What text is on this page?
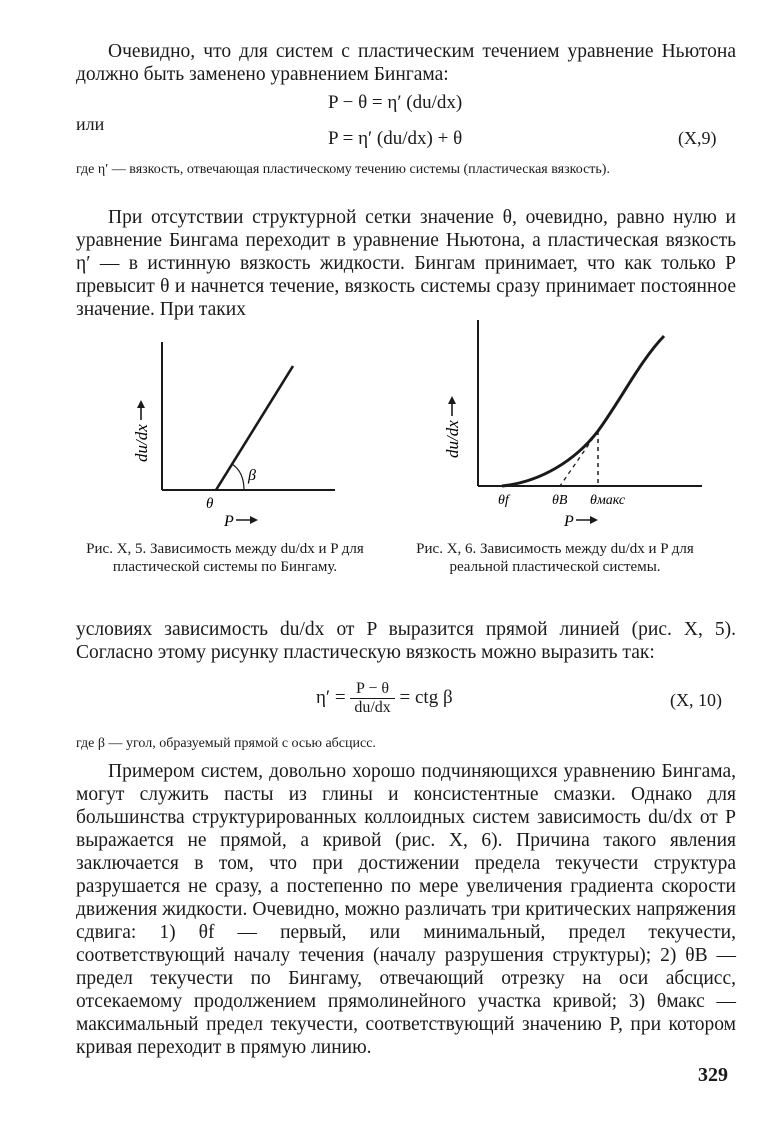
Очевидно, что для систем с пластическим течением уравнение Ньютона должно быть заменено уравнением Бингама:

P − θ = η′ (du/dx)
или
P = η′ (du/dx) + θ	(X,9)

где η′ — вязкость, отвечающая пластическому течению системы (пластическая вязкость).

При отсутствии структурной сетки значение θ, очевидно, равно нулю и уравнение Бингама переходит в уравнение Ньютона, а пластическая вязкость η′ — в истинную вязкость жидкости. Бингам принимает, что как только P превысит θ и начнется течение, вязкость системы сразу принимает постоянное значение. При таких

β
θ
du/dx
P

Рис. X, 5. Зависимость между du/dx и P для пластической системы по Бингаму.

θf	θB θмакс
du/dx
P

Рис. X, 6. Зависимость между du/dx и P для реальной пластической системы.

условиях зависимость du/dx от P выразится прямой линией (рис. X, 5). Согласно этому рисунку пластическую вязкость можно выразить так:

$\eta' = \frac{P - \theta}{du/dx}$ = ctg β	(X, 10)

где β — угол, образуемый прямой с осью абсцисс.

Примером систем, довольно хорошо подчиняющихся уравнению Бингама, могут служить пасты из глины и консистентные смазки. Однако для большинства структурированных коллоидных систем зависимость du/dx от P выражается не прямой, а кривой (рис. X, 6). Причина такого явления заключается в том, что при достижении предела текучести структура разрушается не сразу, а постепенно по мере увеличения градиента скорости движения жидкости. Очевидно, можно различать три критических напряжения сдвига: 1) θf — первый, или минимальный, предел текучести, соответствующий началу течения (началу разрушения структуры); 2) θB — предел текучести по Бингаму, отвечающий отрезку на оси абсцисс, отсекаемому продолжением прямолинейного участка кривой; 3) θмакс — максимальный предел текучести, соответствующий значению P, при котором кривая переходит в прямую линию.

329
